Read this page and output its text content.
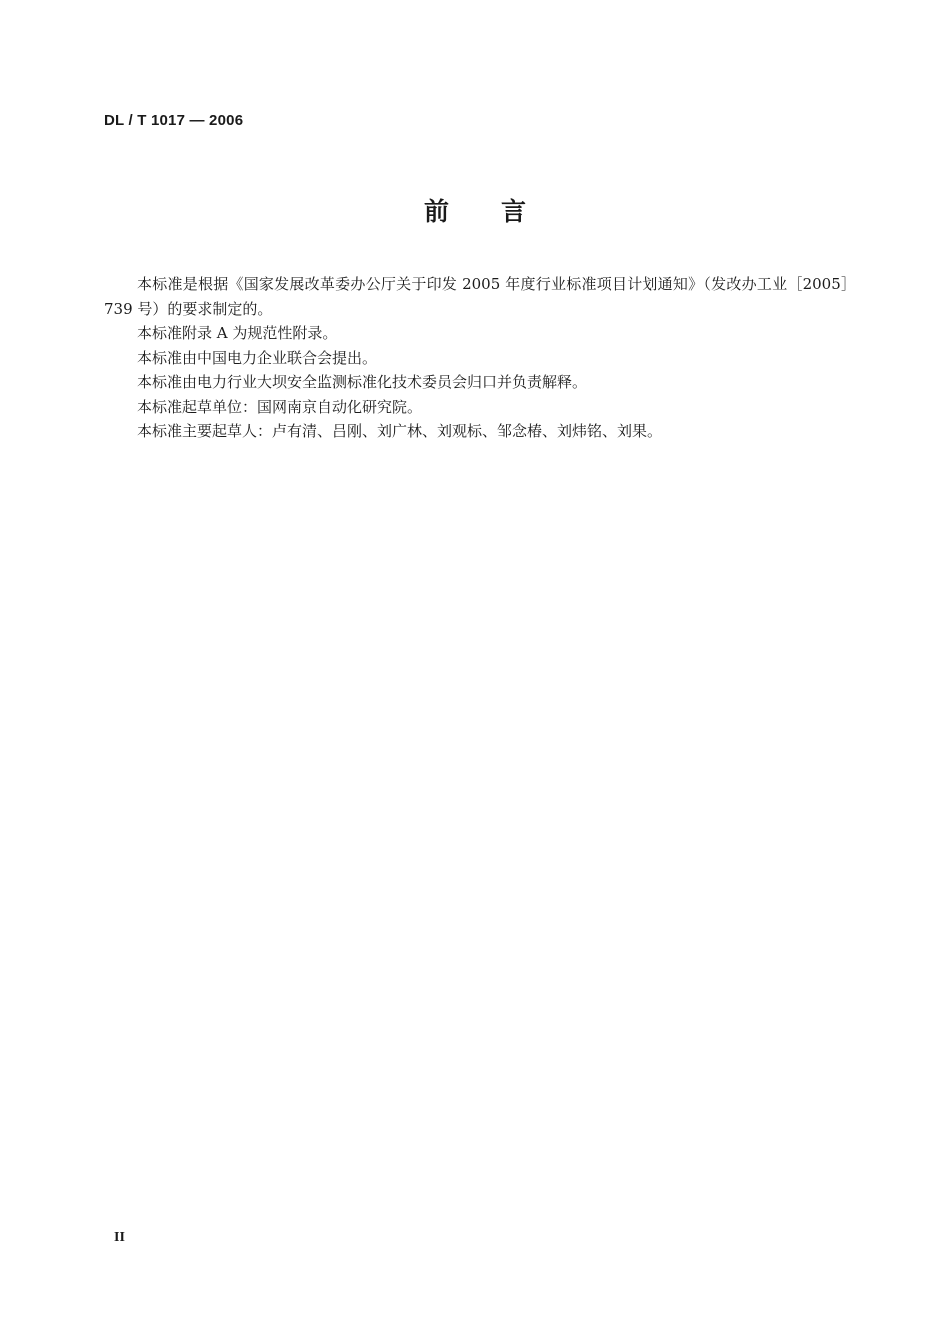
DL / T 1017 — 2006
前 言

本标准是根据《国家发展改革委办公厅关于印发 2005 年度行业标准项目计划通知》（发改办工业［2005］739 号）的要求制定的。

本标准附录 A 为规范性附录。

本标准由中国电力企业联合会提出。

本标准由电力行业大坝安全监测标准化技术委员会归口并负责解释。

本标准起草单位：国网南京自动化研究院。

本标准主要起草人：卢有清、吕刚、刘广林、刘观标、邹念椿、刘炜铭、刘果。

II
